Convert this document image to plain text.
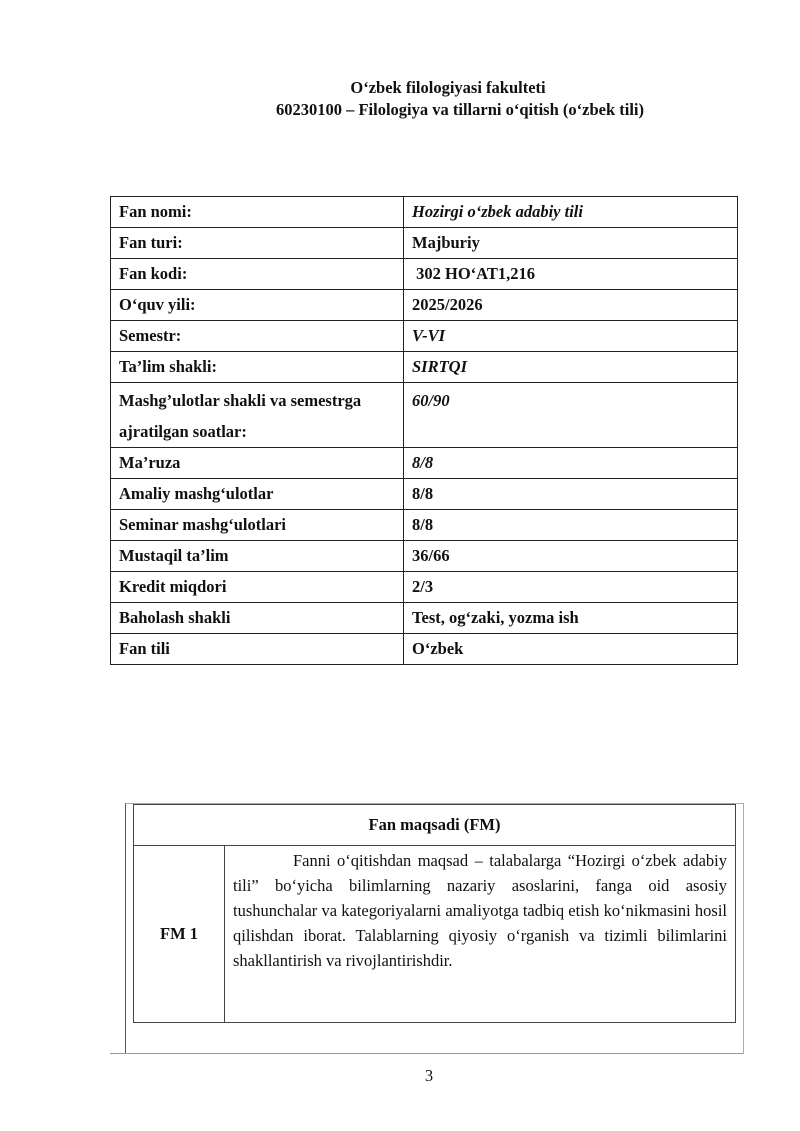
O‘zbek filologiyasi fakulteti
60230100 – Filologiya va tillarni o‘qitish (o‘zbek tili)
Fan nomi:	Hozirgi o‘zbek adabiy tili
Fan turi:	Majburiy
Fan kodi:	302 HO‘AT1,216
O‘quv yili:	2025/2026
Semestr:	V-VI
Ta’lim shakli:	SIRTQI
Mashg’ulotlar shakli va semestrga ajratilgan soatlar:	60/90
Ma’ruza	8/8
Amaliy mashg‘ulotlar	8/8
Seminar mashg‘ulotlari	8/8
Mustaqil ta’lim	36/66
Kredit miqdori	2/3
Baholash shakli	Test, og‘zaki, yozma ish
Fan tili	O‘zbek
Fan maqsadi (FM)
FM 1	Fanni o‘qitishdan maqsad – talabalarga “Hozirgi o‘zbek adabiy tili” bo‘yicha bilimlarning nazariy asoslarini, fanga oid asosiy tushunchalar va kategoriyalarni amaliyotga tadbiq etish ko‘nikmasini hosil qilishdan iborat. Talablarning qiyosiy o‘rganish va tizimli bilimlarini shakllantirish va rivojlantirishdir.
3
